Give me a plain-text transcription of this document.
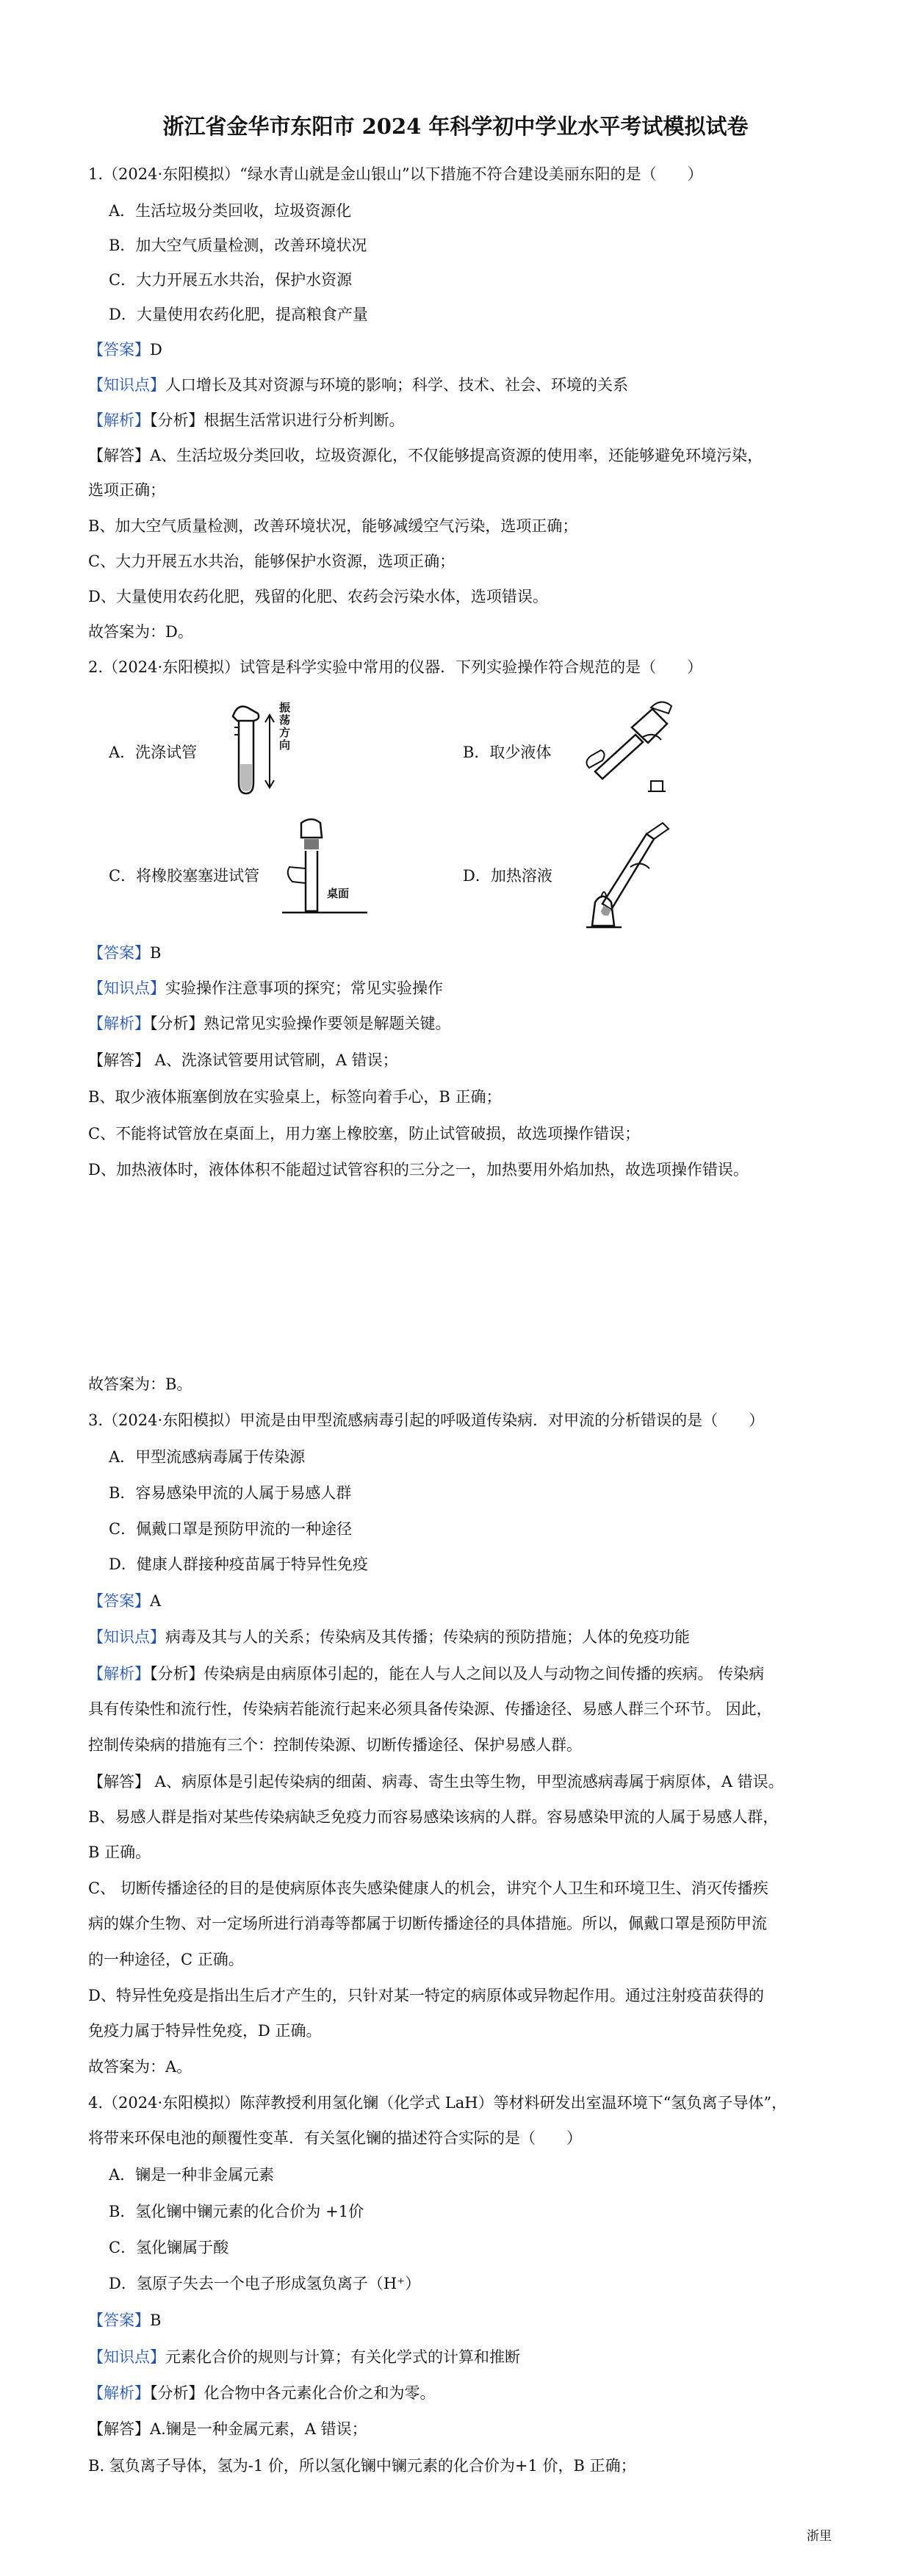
浙江省金华市东阳市 2024 年科学初中学业水平考试模拟试卷
1.（2024·东阳模拟）“绿水青山就是金山银山”以下措施不符合建设美丽东阳的是（　　）
A．生活垃圾分类回收，垃圾资源化
B．加大空气质量检测，改善环境状况
C．大力开展五水共治，保护水资源
D．大量使用农药化肥，提高粮食产量
【答案】D
【知识点】人口增长及其对资源与环境的影响；科学、技术、社会、环境的关系
【解析】【分析】根据生活常识进行分析判断。
【解答】A、生活垃圾分类回收，垃圾资源化，不仅能够提高资源的使用率，还能够避免环境污染，
选项正确；
B、加大空气质量检测，改善环境状况，能够减缓空气污染，选项正确；
C、大力开展五水共治，能够保护水资源，选项正确；
D、大量使用农药化肥，残留的化肥、农药会污染水体，选项错误。
故答案为：D。
2.（2024·东阳模拟）试管是科学实验中常用的仪器．下列实验操作符合规范的是（　　）
A．洗涤试管
振荡方向	B．取少液体
C．将橡胶塞塞进试管
桌面
D．加热溶液
【答案】B
【知识点】实验操作注意事项的探究；常见实验操作
【解析】【分析】熟记常见实验操作要领是解题关键。
【解答】 A、洗涤试管要用试管刷，A 错误；
B、取少液体瓶塞倒放在实验桌上，标签向着手心，B 正确；
C、不能将试管放在桌面上，用力塞上橡胶塞，防止试管破损，故选项操作错误；
D、加热液体时，液体体积不能超过试管容积的三分之一，加热要用外焰加热，故选项操作错误。
故答案为：B。
3.（2024·东阳模拟）甲流是由甲型流感病毒引起的呼吸道传染病．对甲流的分析错误的是（　　）
A．甲型流感病毒属于传染源
B．容易感染甲流的人属于易感人群
C．佩戴口罩是预防甲流的一种途径
D．健康人群接种疫苗属于特异性免疫
【答案】A
【知识点】病毒及其与人的关系；传染病及其传播；传染病的预防措施；人体的免疫功能
【解析】【分析】传染病是由病原体引起的，能在人与人之间以及人与动物之间传播的疾病。 传染病
具有传染性和流行性，传染病若能流行起来必须具备传染源、传播途径、易感人群三个环节。 因此，
控制传染病的措施有三个：控制传染源、切断传播途径、保护易感人群。
【解答】 A、病原体是引起传染病的细菌、病毒、寄生虫等生物，甲型流感病毒属于病原体，A 错误。
B、易感人群是指对某些传染病缺乏免疫力而容易感染该病的人群。容易感染甲流的人属于易感人群，
B 正确。
C、 切断传播途径的目的是使病原体丧失感染健康人的机会，讲究个人卫生和环境卫生、消灭传播疾
病的媒介生物、对一定场所进行消毒等都属于切断传播途径的具体措施。所以，佩戴口罩是预防甲流
的一种途径，C 正确。
D、特异性免疫是指出生后才产生的，只针对某一特定的病原体或异物起作用。通过注射疫苗获得的
免疫力属于特异性免疫，D 正确。
故答案为：A。
4.（2024·东阳模拟）陈萍教授利用氢化镧（化学式 LaH）等材料研发出室温环境下“氢负离子导体”，
将带来环保电池的颠覆性变革．有关氢化镧的描述符合实际的是（　　）
A．镧是一种非金属元素
B．氢化镧中镧元素的化合价为 +1价
C．氢化镧属于酸
D．氢原子失去一个电子形成氢负离子（H⁺）
【答案】B
【知识点】元素化合价的规则与计算；有关化学式的计算和推断
【解析】【分析】化合物中各元素化合价之和为零。
【解答】A.镧是一种金属元素，A 错误；
B. 氢负离子导体，氢为-1 价，所以氢化镧中镧元素的化合价为+1 价，B 正确；
浙里
